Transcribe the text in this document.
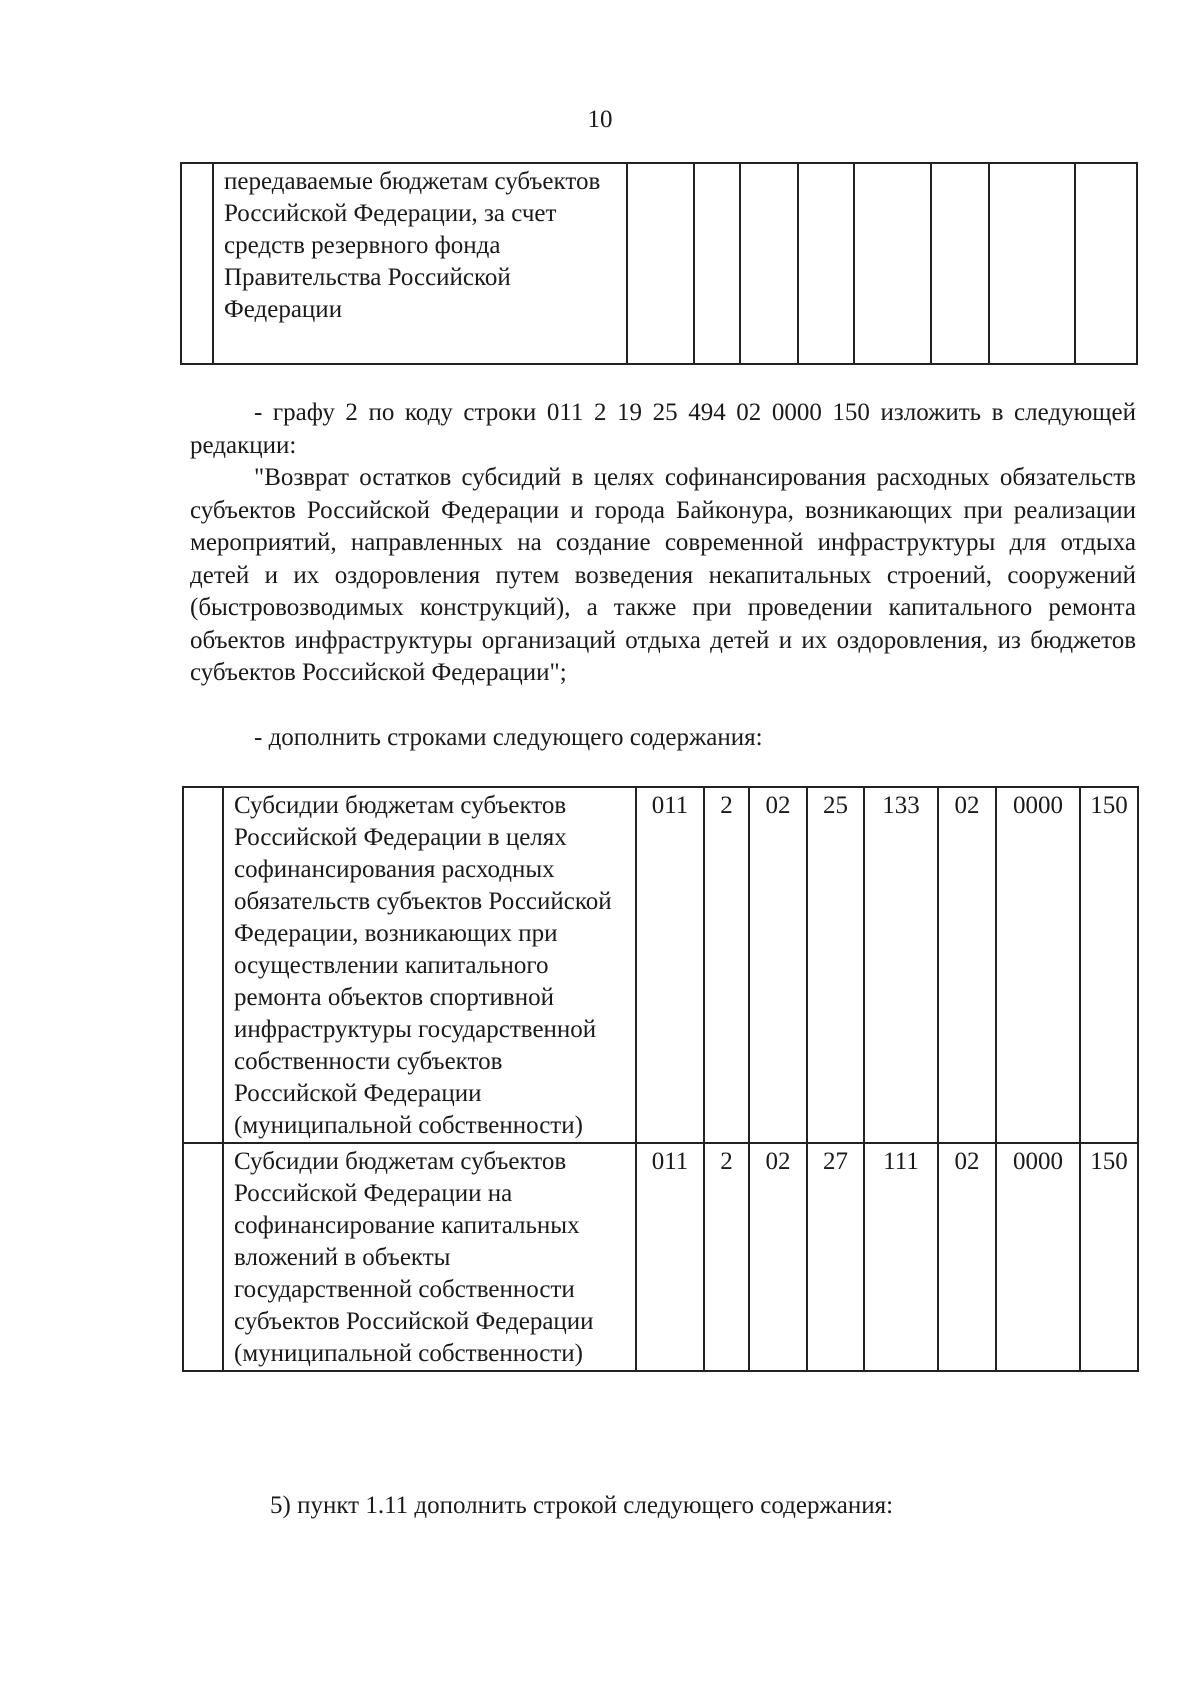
10
	передаваемые бюджетам субъектов Российской Федерации, за счет средств резервного фонда Правительства Российской Федерации								
- графу 2 по коду строки 011 2 19 25 494 02 0000 150 изложить в следующей редакции:
"Возврат остатков субсидий в целях софинансирования расходных обязательств субъектов Российской Федерации и города Байконура, возникающих при реализации мероприятий, направленных на создание современной инфраструктуры для отдыха детей и их оздоровления путем возведения некапитальных строений, сооружений (быстровозводимых конструкций), а также при проведении капитального ремонта объектов инфраструктуры организаций отдыха детей и их оздоровления, из бюджетов субъектов Российской Федерации";
- дополнить строками следующего содержания:
	Субсидии бюджетам субъектов Российской Федерации в целях софинансирования расходных обязательств субъектов Российской Федерации, возникающих при осуществлении капитального ремонта объектов спортивной инфраструктуры государственной собственности субъектов Российской Федерации (муниципальной собственности)	011	2	02	25	133	02	0000	150
	Субсидии бюджетам субъектов Российской Федерации на софинансирование капитальных вложений в объекты государственной собственности субъектов Российской Федерации (муниципальной собственности)	011	2	02	27	111	02	0000	150
5) пункт 1.11 дополнить строкой следующего содержания:
